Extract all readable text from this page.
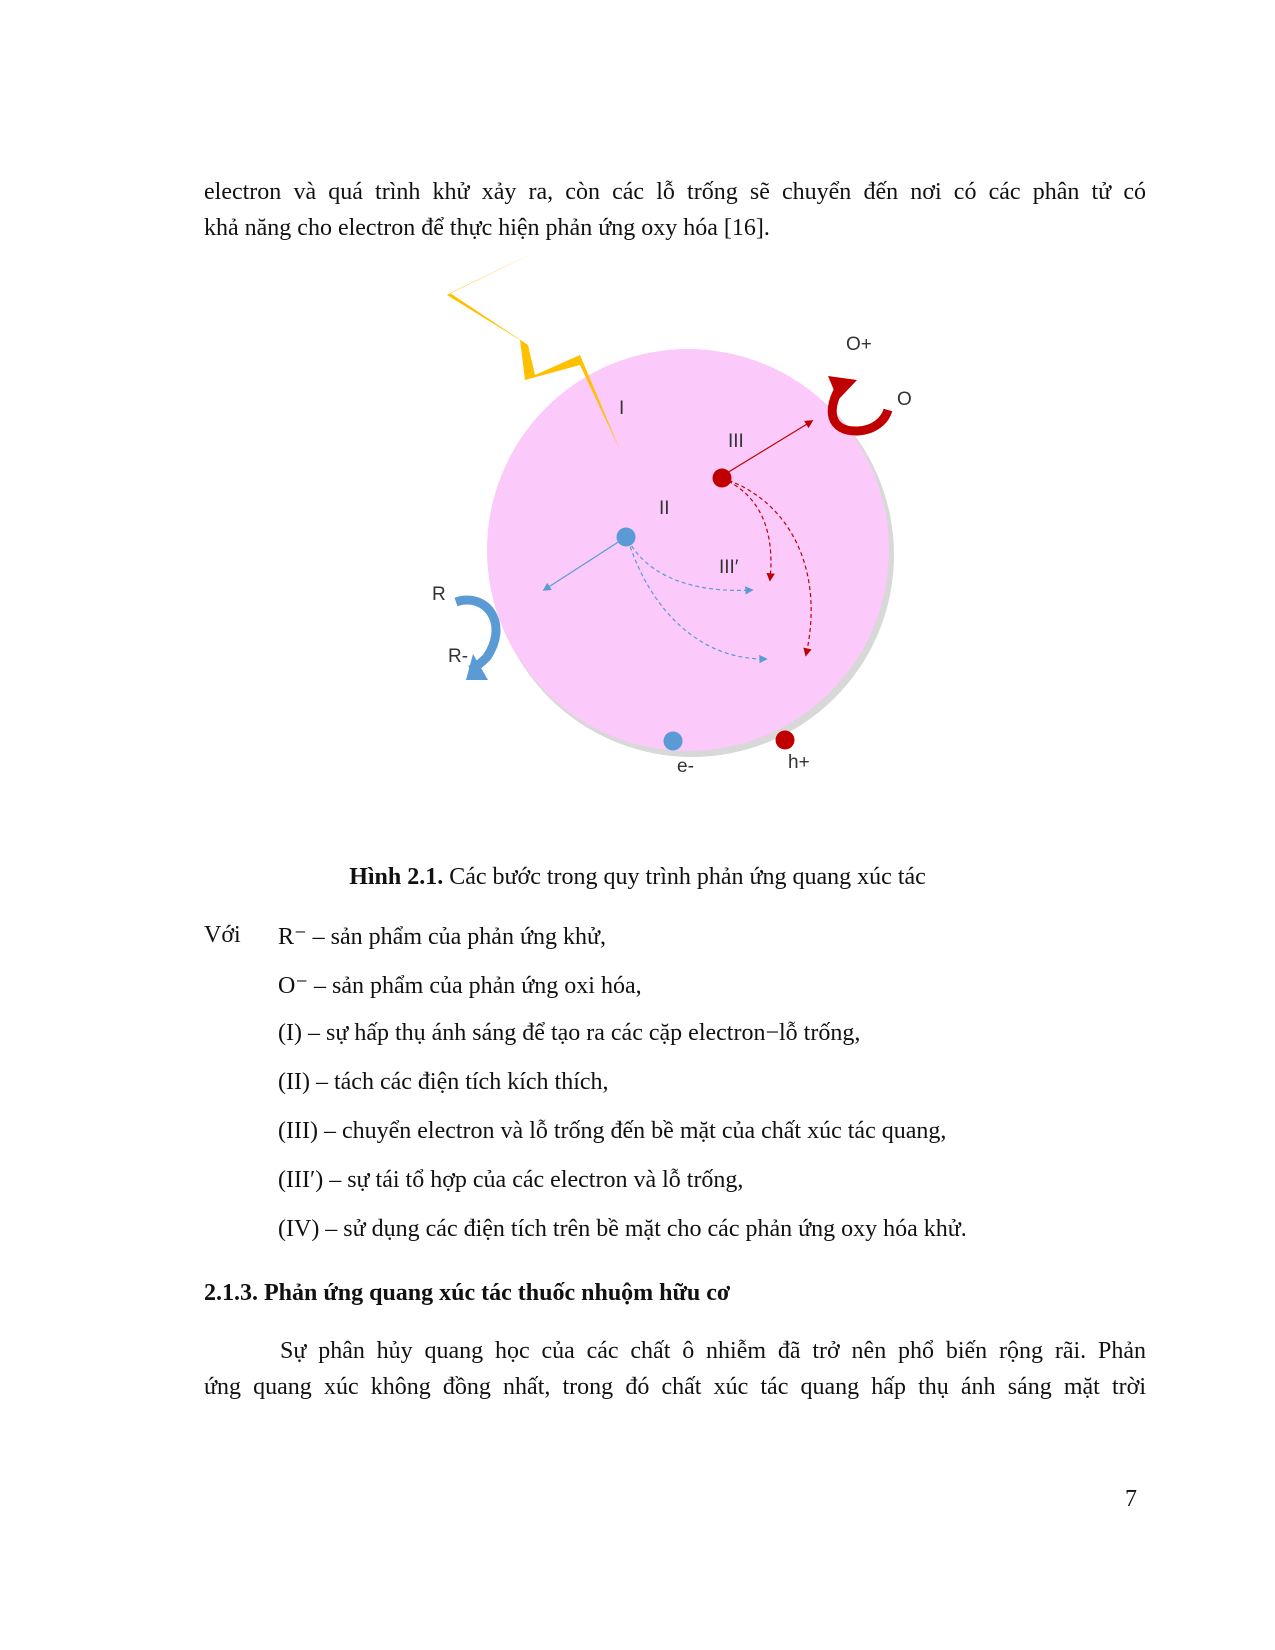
electron và quá trình khử xảy ra, còn các lỗ trống sẽ chuyển đến nơi có các phân tử có
khả năng cho electron để thực hiện phản ứng oxy hóa [16].
I
II
III
III′
O+
O
R
R-
e-	h+
Hình 2.1. Các bước trong quy trình phản ứng quang xúc tác
Với R⁻ – sản phẩm của phản ứng khử,
O⁻ – sản phẩm của phản ứng oxi hóa,
(I) – sự hấp thụ ánh sáng để tạo ra các cặp electron−lỗ trống,
(II) – tách các điện tích kích thích,
(III) – chuyển electron và lỗ trống đến bề mặt của chất xúc tác quang,
(III′) – sự tái tổ hợp của các electron và lỗ trống,
(IV) – sử dụng các điện tích trên bề mặt cho các phản ứng oxy hóa khử.
2.1.3. Phản ứng quang xúc tác thuốc nhuộm hữu cơ
Sự phân hủy quang học của các chất ô nhiễm đã trở nên phổ biến rộng rãi. Phản
ứng quang xúc không đồng nhất, trong đó chất xúc tác quang hấp thụ ánh sáng mặt trời
7
